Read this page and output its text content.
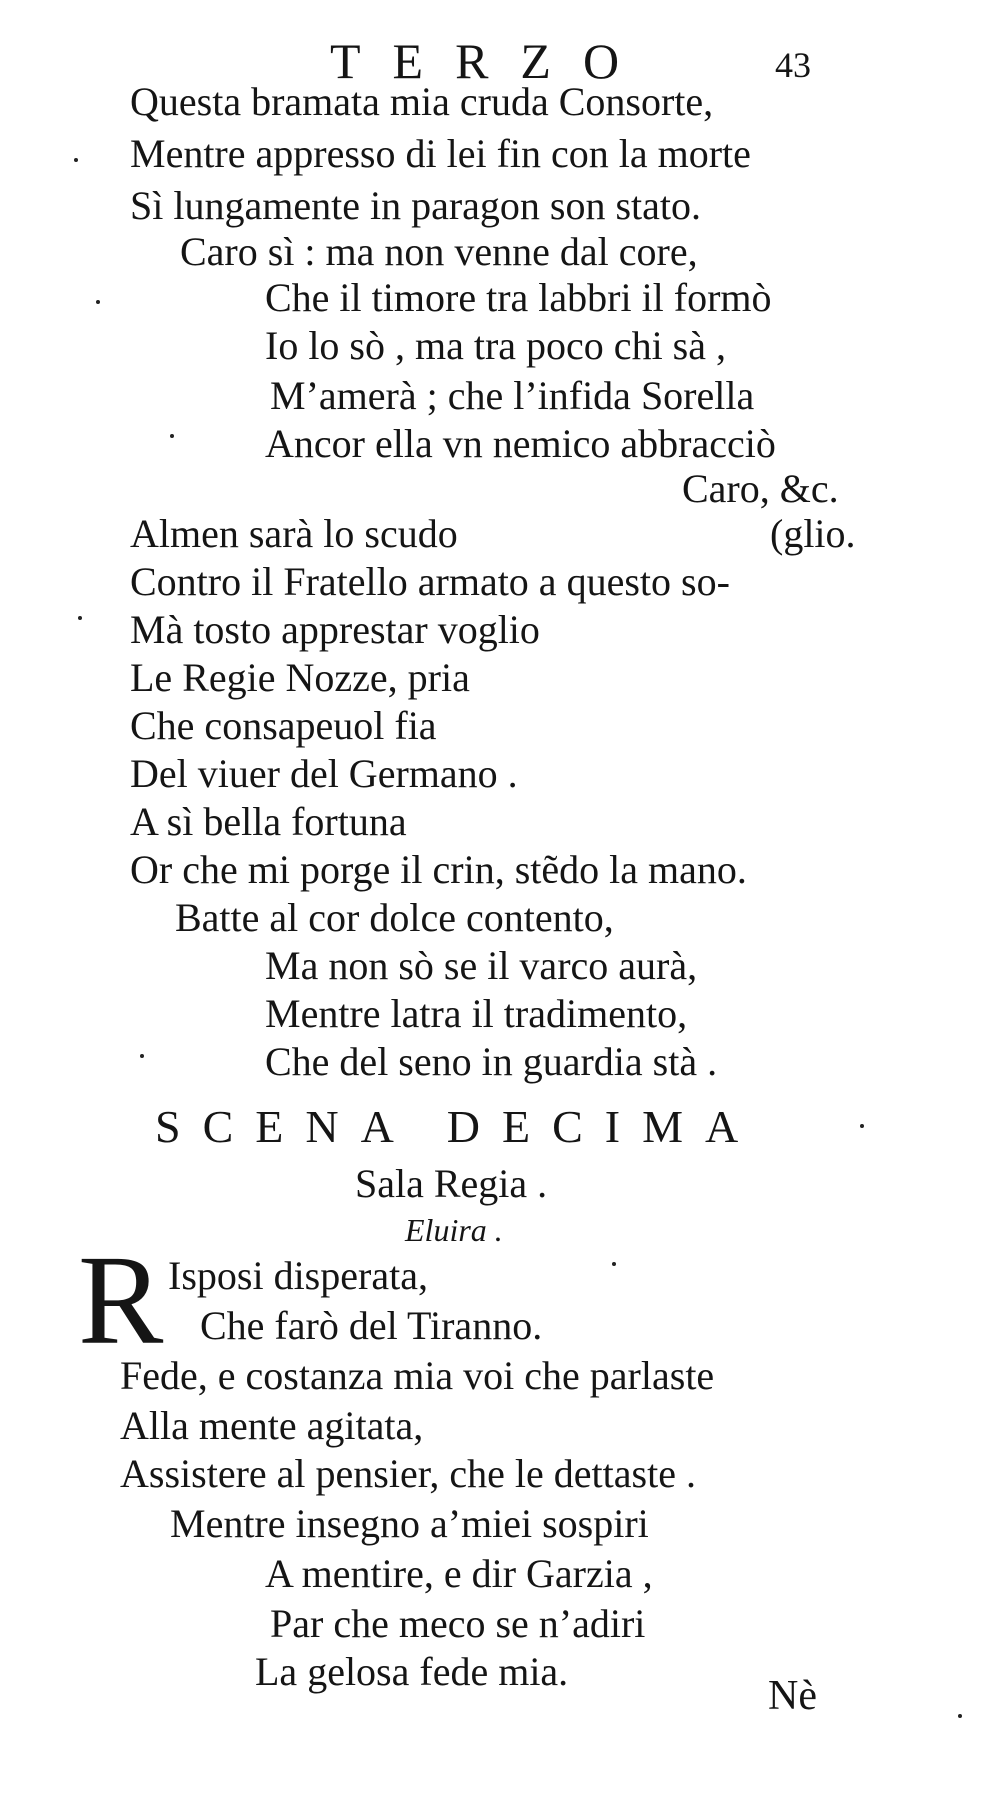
TERZO	43
Questa bramata mia cruda Consorte,
Mentre appresso di lei fin con la morte
Sì lungamente in paragon son stato.
Caro sì : ma non venne dal core,
Che il timore tra labbri il formò
Io lo sò , ma tra poco chi sà ,
M’amerà ; che l’infida Sorella
Ancor ella vn nemico abbracciò
Caro, &c.
Almen sarà lo scudo	(glio.
Contro il Fratello armato a questo so-
Mà tosto apprestar voglio
Le Regie Nozze, pria
Che consapeuol fia
Del viuer del Germano .
A sì bella fortuna
Or che mi porge il crin, stẽdo la mano.
Batte al cor dolce contento,
Ma non sò se il varco aurà,
Mentre latra il tradimento,
Che del seno in guardia stà .
SCENA DECIMA
Sala Regia .
Eluira .
R Isposi disperata,
Che farò del Tiranno.
Fede, e costanza mia voi che parlaste
Alla mente agitata,
Assistere al pensier, che le dettaste .
Mentre insegno a’miei sospiri
A mentire, e dir Garzia ,
Par che meco se n’adiri
La gelosa fede mia.
Nè
